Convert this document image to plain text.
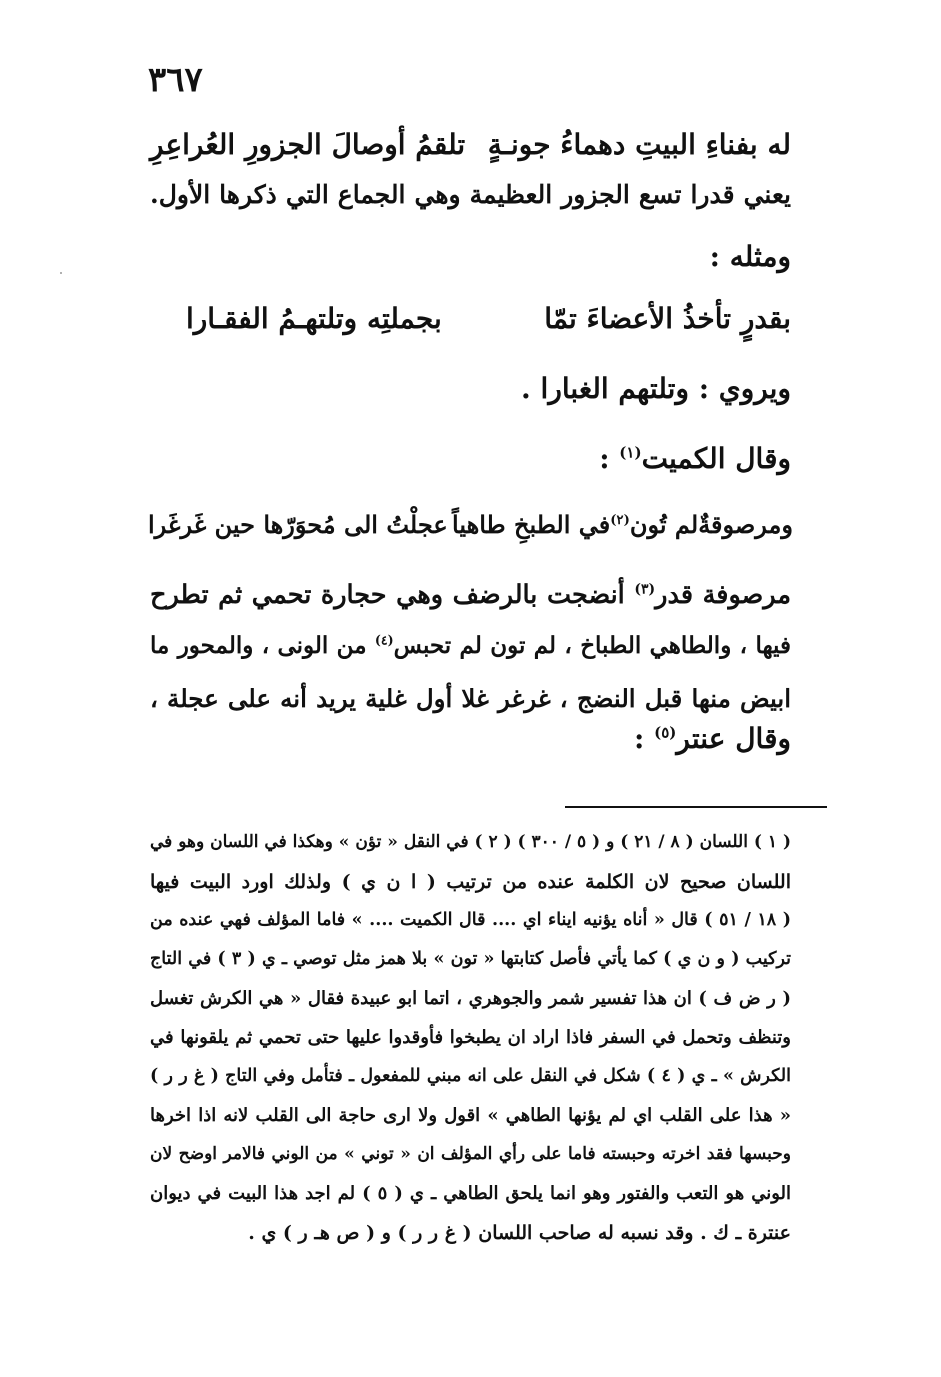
٣٦٧
له بفناءِ البيتِ دهماءُ جونـةٍ
تلقمُ أوصالَ الجزورِ العُراعِرِ
يعني قدرا تسع الجزور العظيمة وهي الجماع التي ذكرها الأول.
ومثله :
بقدرٍ تأخذُ الأعضاءَ تمّا
بجملتِه وتلتهـمُ الفقـارا
ويروي : وتلتهم الغبارا .
وقال الكميت$^{(١)}$ :
ومرصوقةٌلم تُون$^{(٢)}$في الطبخِ طاهياً
عجلْتُ الى مُحوَرّها حين غَرغَرا
مرصوفة قدر$^{(٣)}$ أنضجت بالرضف وهي حجارة تحمي ثم تطرح
فيها ، والطاهي الطباخ ، لم تون لم تحبس$^{(٤)}$ من الونى ، والمحور ما
ابيض منها قبل النضج ، غرغر غلا أول غلية يريد أنه على عجلة ،
وقال عنتر$^{(٥)}$ :
( ١ ) اللسان ( ٨ / ٢١ ) و ( ٥ / ٣٠٠ ) ( ٢ ) في النقل « تؤن » وهكذا في اللسان وهو في
اللسان صحيح لان الكلمة عنده من ترتيب ( ا ن ي ) ولذلك اورد البيت فيها
( ١٨ / ٥١ ) قال « أناه يؤنيه ايناء اي .... قال الكميت .... » فاما المؤلف فهي عنده من
تركيب ( و ن ي ) كما يأتي فأصل كتابتها « تون » بلا همز مثل توصي ـ ي ( ٣ ) في التاج
( ر ض ف ) ان هذا تفسير شمر والجوهري ، اتما ابو عبيدة فقال « هي الكرش تغسل
وتنظف وتحمل في السفر فاذا اراد ان يطبخوا فأوقدوا عليها حتى تحمي ثم يلقونها في
الكرش » ـ ي ( ٤ ) شكل في النقل على انه مبني للمفعول ـ فتأمل وفي التاج ( غ ر ر )
« هذا على القلب اي لم يؤنها الطاهي » اقول ولا ارى حاجة الى القلب لانه اذا اخرها
وحبسها فقد اخرته وحبسته فاما على رأي المؤلف ان « توني » من الوني فالامر اوضح لان
الوني هو التعب والفتور وهو انما يلحق الطاهي ـ ي ( ٥ ) لم اجد هذا البيت في ديوان
عنترة ـ ك . وقد نسبه له صاحب اللسان ( غ ر ر ) و ( ص هـ ر ) ي .
